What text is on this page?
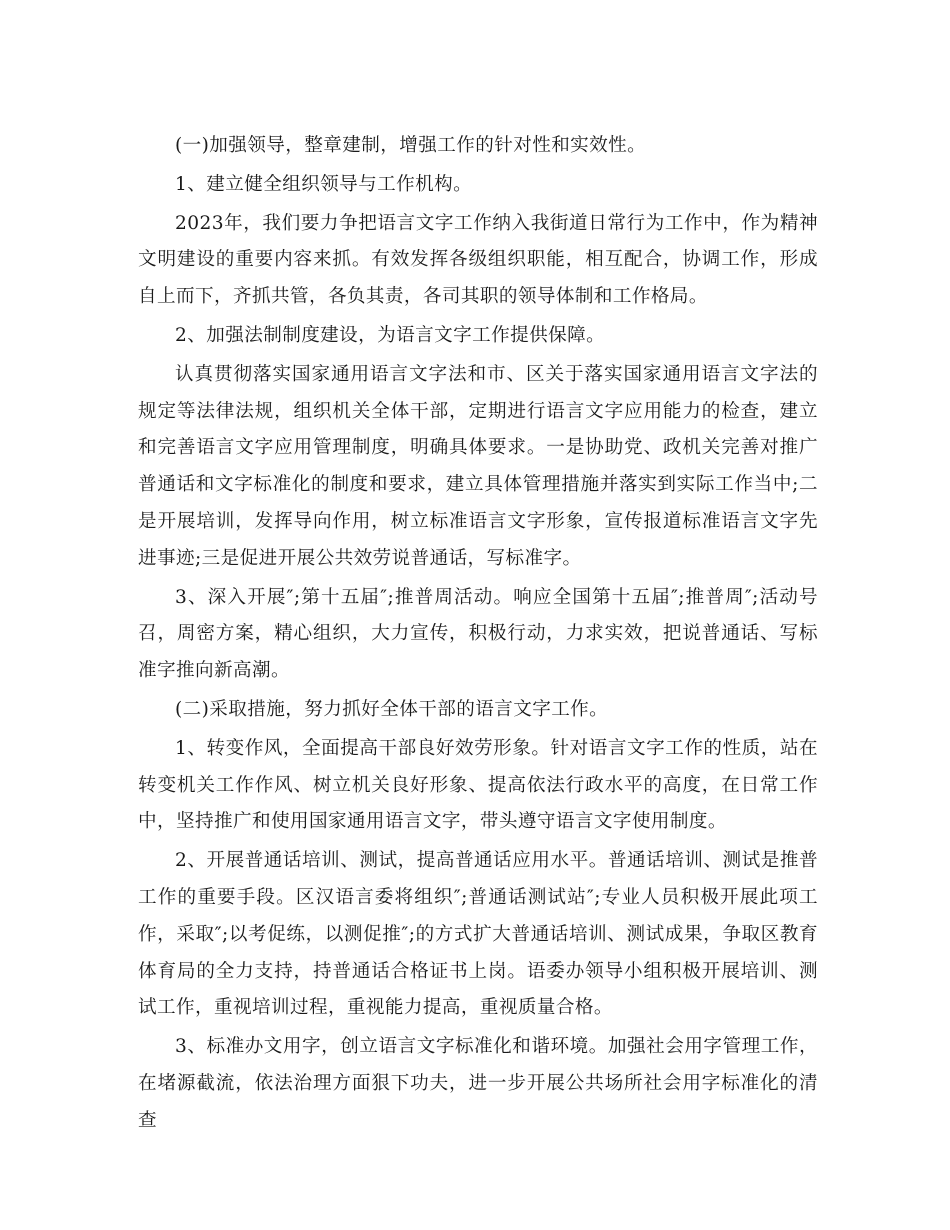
(一)加强领导，整章建制，增强工作的针对性和实效性。

1、建立健全组织领导与工作机构。

2023年，我们要力争把语言文字工作纳入我街道日常行为工作中，作为精神文明建设的重要内容来抓。有效发挥各级组织职能，相互配合，协调工作，形成自上而下，齐抓共管，各负其责，各司其职的领导体制和工作格局。

2、加强法制制度建设，为语言文字工作提供保障。

认真贯彻落实国家通用语言文字法和市、区关于落实国家通用语言文字法的规定等法律法规，组织机关全体干部，定期进行语言文字应用能力的检查，建立和完善语言文字应用管理制度，明确具体要求。一是协助党、政机关完善对推广普通话和文字标准化的制度和要求，建立具体管理措施并落实到实际工作当中;二是开展培训，发挥导向作用，树立标准语言文字形象，宣传报道标准语言文字先进事迹;三是促进开展公共效劳说普通话，写标准字。

3、深入开展″;第十五届″;推普周活动。响应全国第十五届″;推普周″;活动号召，周密方案，精心组织，大力宣传，积极行动，力求实效，把说普通话、写标准字推向新高潮。

(二)采取措施，努力抓好全体干部的语言文字工作。

1、转变作风，全面提高干部良好效劳形象。针对语言文字工作的性质，站在转变机关工作作风、树立机关良好形象、提高依法行政水平的高度，在日常工作中，坚持推广和使用国家通用语言文字，带头遵守语言文字使用制度。

2、开展普通话培训、测试，提高普通话应用水平。普通话培训、测试是推普工作的重要手段。区汉语言委将组织″;普通话测试站″;专业人员积极开展此项工作，采取″;以考促练，以测促推″;的方式扩大普通话培训、测试成果，争取区教育体育局的全力支持，持普通话合格证书上岗。语委办领导小组积极开展培训、测试工作，重视培训过程，重视能力提高，重视质量合格。

3、标准办文用字，创立语言文字标准化和谐环境。加强社会用字管理工作，在堵源截流，依法治理方面狠下功夫，进一步开展公共场所社会用字标准化的清查
